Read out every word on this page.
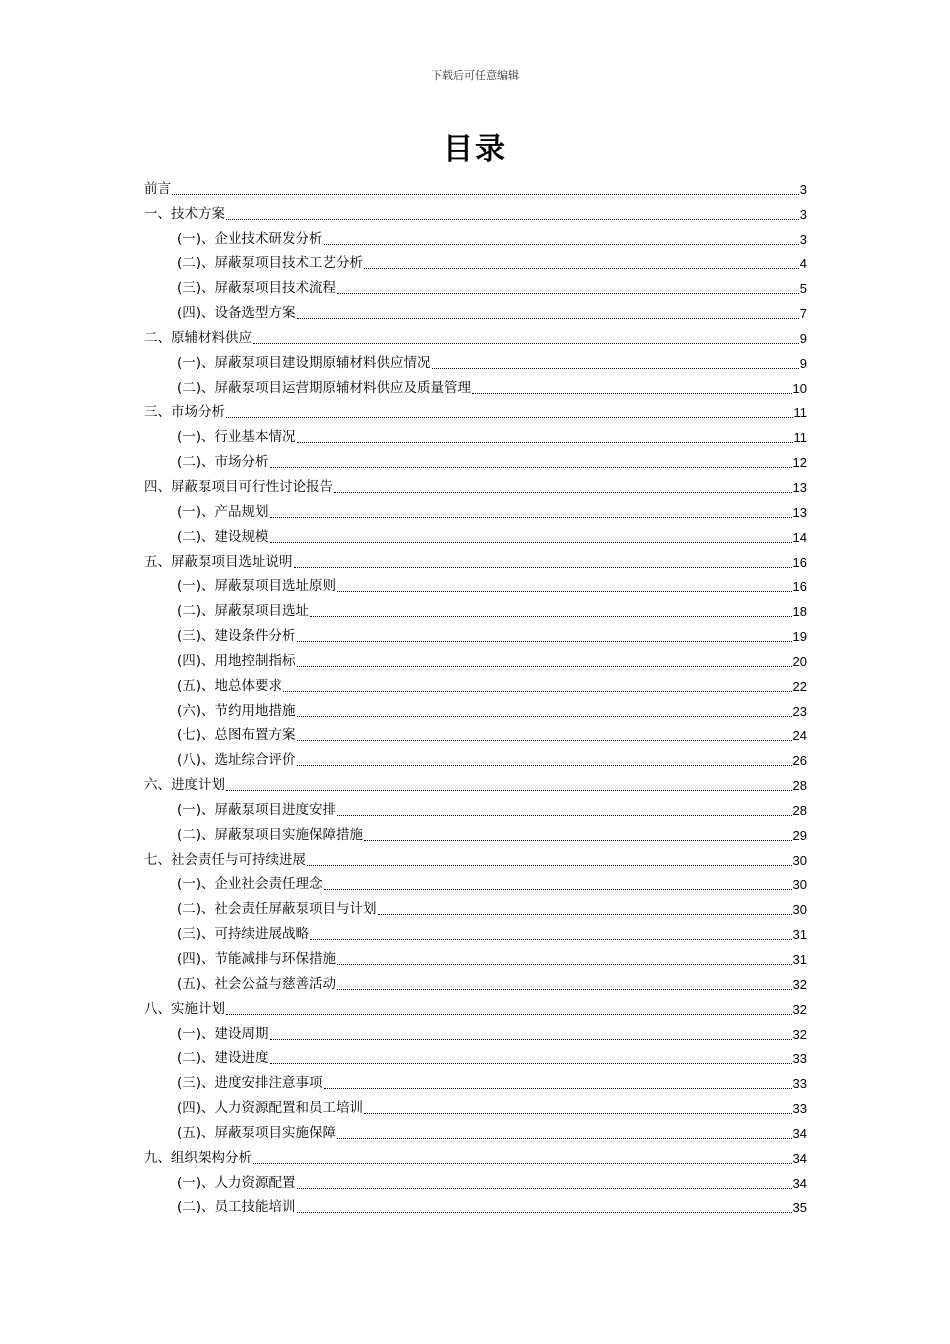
下载后可任意编辑
目录
前言	3
一、技术方案	3
(一)、企业技术研发分析	3
(二)、屏蔽泵项目技术工艺分析	4
(三)、屏蔽泵项目技术流程	5
(四)、设备选型方案	7
二、原辅材料供应	9
(一)、屏蔽泵项目建设期原辅材料供应情况	9
(二)、屏蔽泵项目运营期原辅材料供应及质量管理	10
三、市场分析	11
(一)、行业基本情况	11
(二)、市场分析	12
四、屏蔽泵项目可行性讨论报告	13
(一)、产品规划	13
(二)、建设规模	14
五、屏蔽泵项目选址说明	16
(一)、屏蔽泵项目选址原则	16
(二)、屏蔽泵项目选址	18
(三)、建设条件分析	19
(四)、用地控制指标	20
(五)、地总体要求	22
(六)、节约用地措施	23
(七)、总图布置方案	24
(八)、选址综合评价	26
六、进度计划	28
(一)、屏蔽泵项目进度安排	28
(二)、屏蔽泵项目实施保障措施	29
七、社会责任与可持续进展	30
(一)、企业社会责任理念	30
(二)、社会责任屏蔽泵项目与计划	30
(三)、可持续进展战略	31
(四)、节能减排与环保措施	31
(五)、社会公益与慈善活动	32
八、实施计划	32
(一)、建设周期	32
(二)、建设进度	33
(三)、进度安排注意事项	33
(四)、人力资源配置和员工培训	33
(五)、屏蔽泵项目实施保障	34
九、组织架构分析	34
(一)、人力资源配置	34
(二)、员工技能培训	35
